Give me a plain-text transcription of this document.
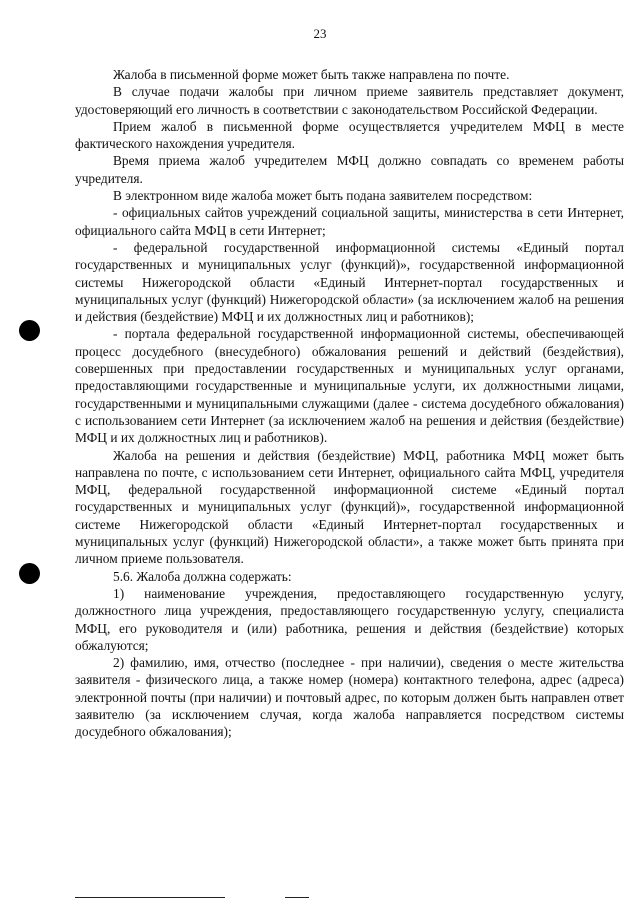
23

Жалоба в письменной форме может быть также направлена по почте.

В случае подачи жалобы при личном приеме заявитель представляет документ, удостоверяющий его личность в соответствии с законодательством Российской Федерации.

Прием жалоб в письменной форме осуществляется учредителем МФЦ в месте фактического нахождения учредителя.

Время приема жалоб учредителем МФЦ должно совпадать со временем работы учредителя.

В электронном виде жалоба может быть подана заявителем посредством:

- официальных сайтов учреждений социальной защиты, министерства в сети Интернет, официального сайта МФЦ в сети Интернет;

- федеральной государственной информационной системы «Единый портал государственных и муниципальных услуг (функций)», государственной информационной системы Нижегородской области «Единый Интернет-портал государственных и муниципальных услуг (функций) Нижегородской области» (за исключением жалоб на решения и действия (бездействие) МФЦ и их должностных лиц и работников);

- портала федеральной государственной информационной системы, обеспечивающей процесс досудебного (внесудебного) обжалования решений и действий (бездействия), совершенных при предоставлении государственных и муниципальных услуг органами, предоставляющими государственные и муниципальные услуги, их должностными лицами, государственными и муниципальными служащими (далее - система досудебного обжалования) с использованием сети Интернет (за исключением жалоб на решения и действия (бездействие) МФЦ и их должностных лиц и работников).

Жалоба на решения и действия (бездействие) МФЦ, работника МФЦ может быть направлена по почте, с использованием сети Интернет, официального сайта МФЦ, учредителя МФЦ, федеральной государственной информационной системе «Единый портал государственных и муниципальных услуг (функций)», государственной информационной системе Нижегородской области «Единый Интернет-портал государственных и муниципальных услуг (функций) Нижегородской области», а также может быть принята при личном приеме пользователя.

5.6. Жалоба должна содержать:

1) наименование учреждения, предоставляющего государственную услугу, должностного лица учреждения, предоставляющего государственную услугу, специалиста МФЦ, его руководителя и (или) работника, решения и действия (бездействие) которых обжалуются;

2) фамилию, имя, отчество (последнее - при наличии), сведения о месте жительства заявителя - физического лица, а также номер (номера) контактного телефона, адрес (адреса) электронной почты (при наличии) и почтовый адрес, по которым должен быть направлен ответ заявителю (за исключением случая, когда жалоба направляется посредством системы досудебного обжалования);
